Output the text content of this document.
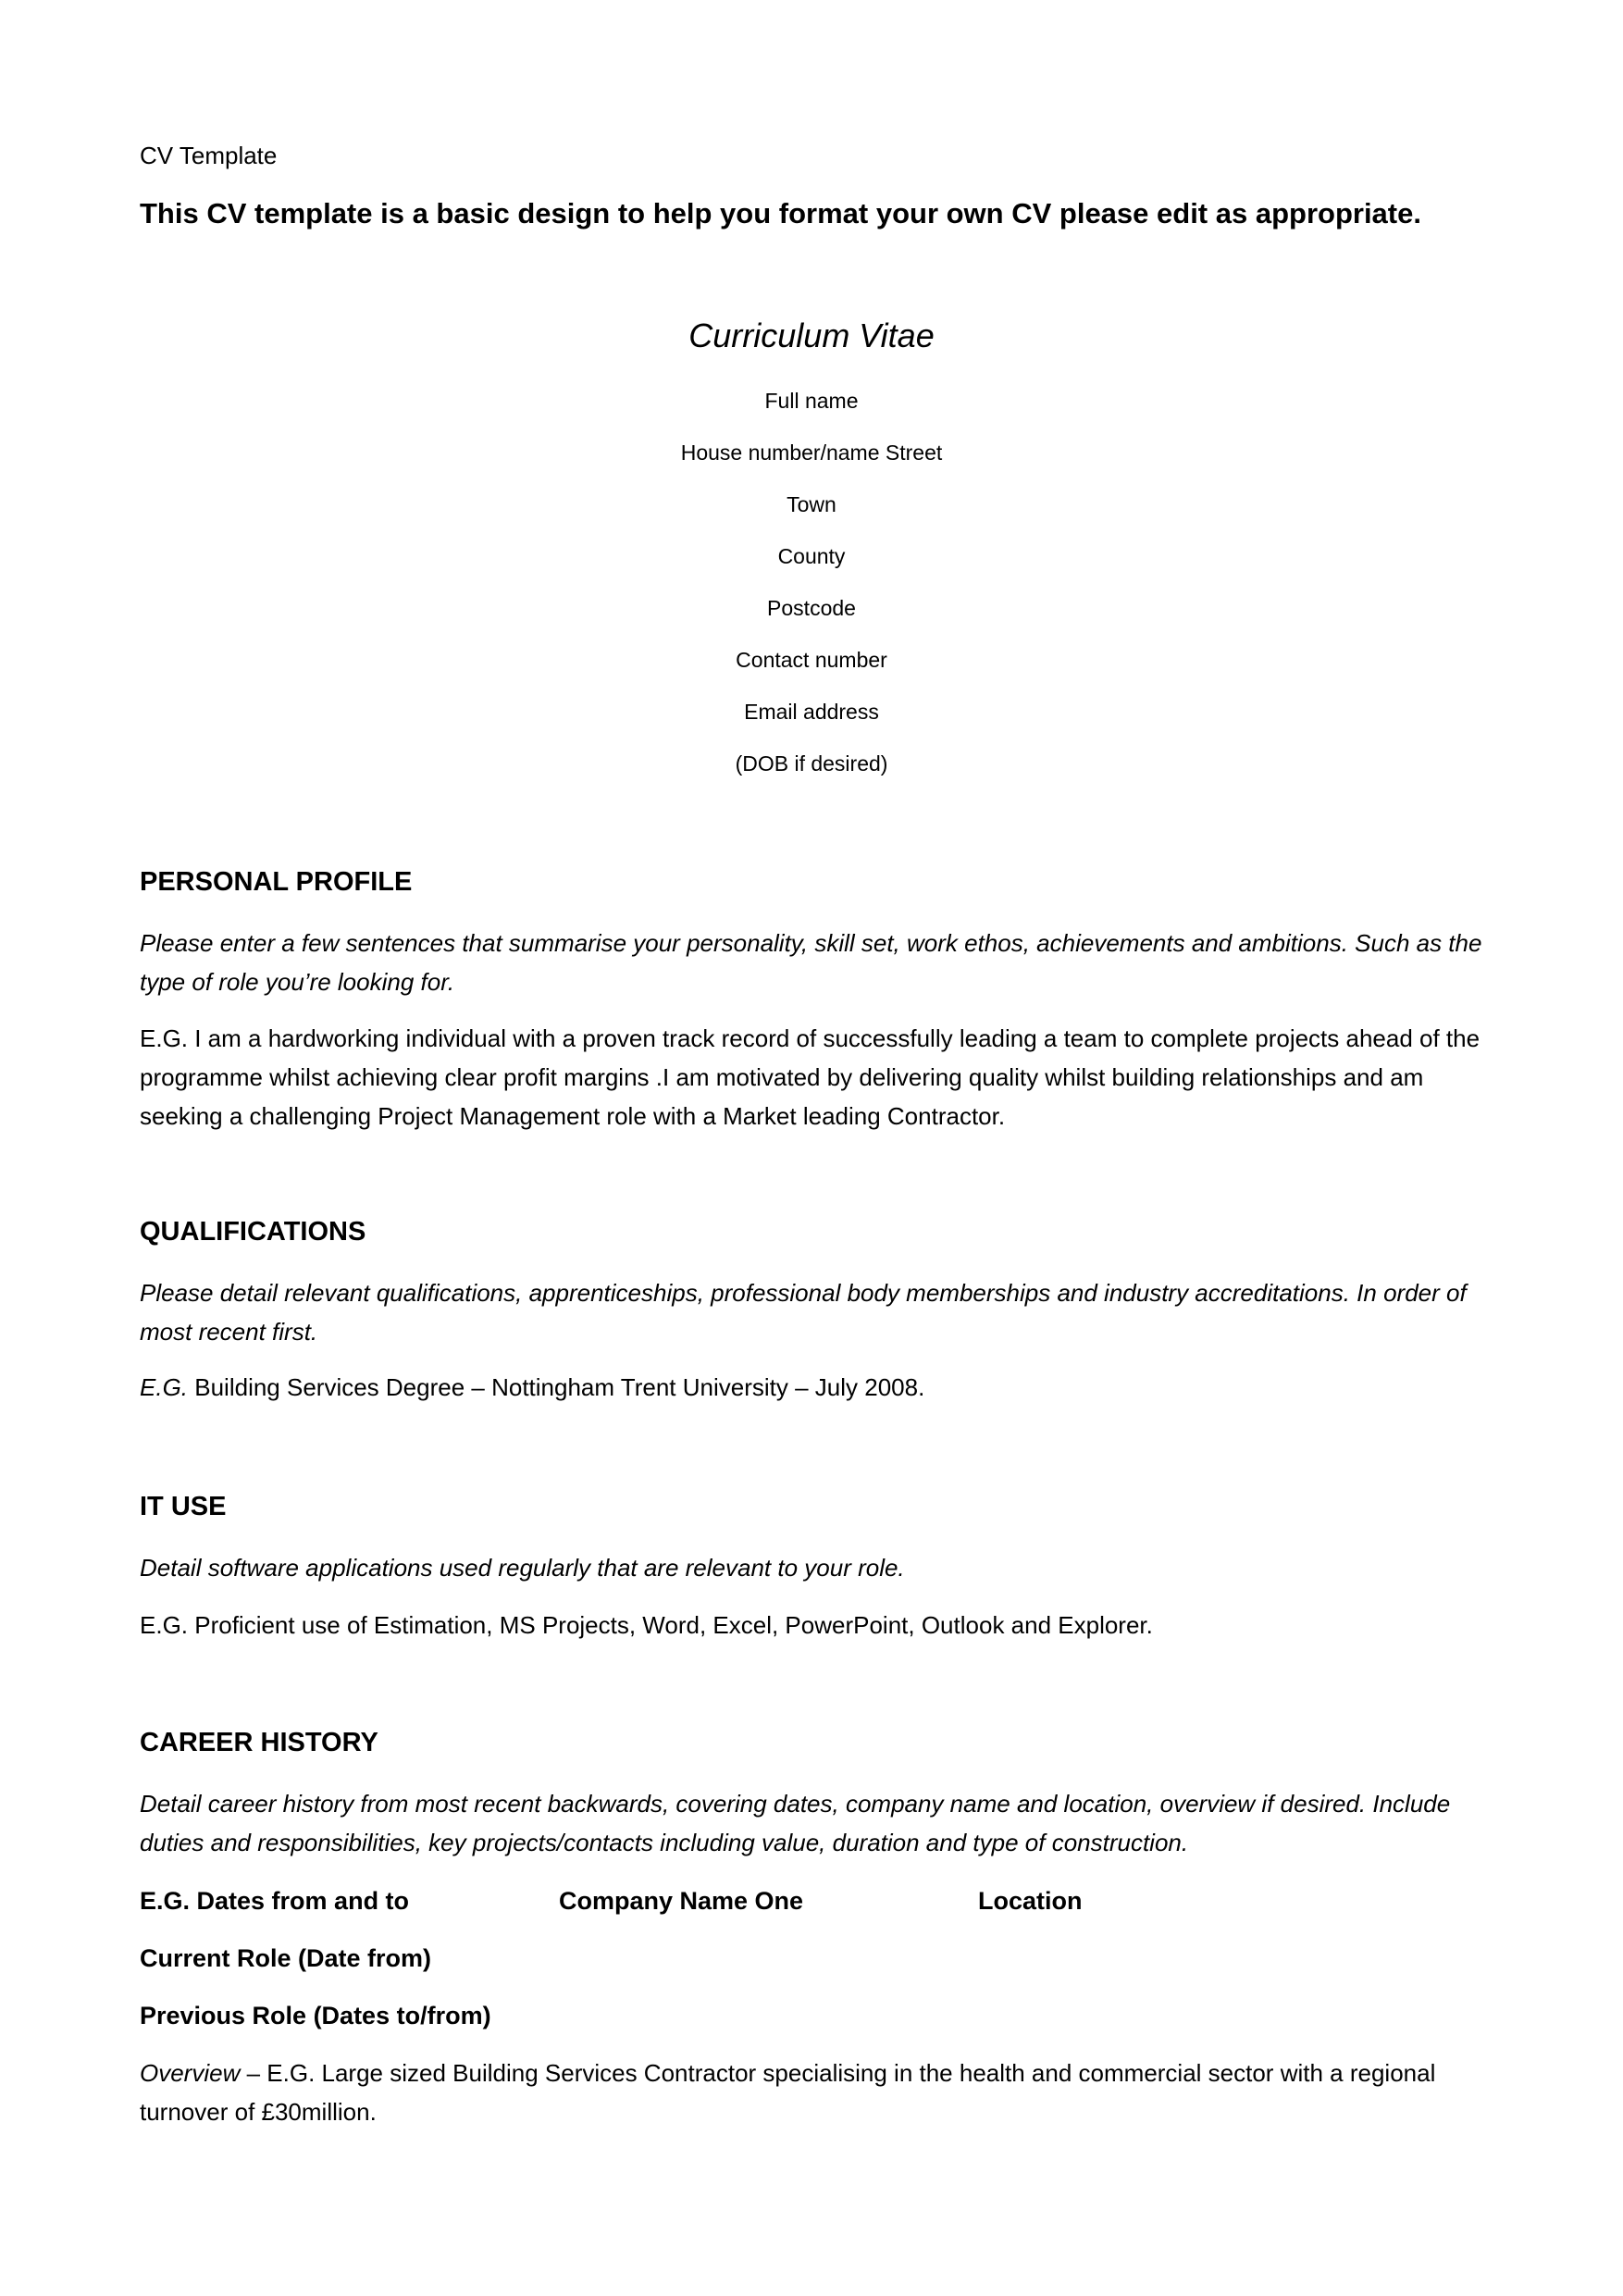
CV Template
This CV template is a basic design to help you format your own CV please edit as appropriate.
Curriculum Vitae
Full name
House number/name Street
Town
County
Postcode
Contact number
Email address
(DOB if desired)
PERSONAL PROFILE
Please enter a few sentences that summarise your personality, skill set, work ethos, achievements and ambitions. Such as the type of role you’re looking for.
E.G. I am a hardworking individual with a proven track record of successfully leading a team to complete projects ahead of the programme whilst achieving clear profit margins .I am motivated by delivering quality whilst building relationships and am seeking a challenging Project Management role with a Market leading Contractor.
QUALIFICATIONS
Please detail relevant qualifications, apprenticeships, professional body memberships and industry accreditations. In order of most recent first.
E.G. Building Services Degree – Nottingham Trent University – July 2008.
IT USE
Detail software applications used regularly that are relevant to your role.
E.G. Proficient use of Estimation, MS Projects, Word, Excel, PowerPoint, Outlook and Explorer.
CAREER HISTORY
Detail career history from most recent backwards, covering dates, company name and location, overview if desired. Include duties and responsibilities, key projects/contacts including value, duration and type of construction.
E.G. Dates from and to	Company Name One	Location
Current Role (Date from)
Previous Role (Dates to/from)
Overview – E.G. Large sized Building Services Contractor specialising in the health and commercial sector with a regional turnover of £30million.
